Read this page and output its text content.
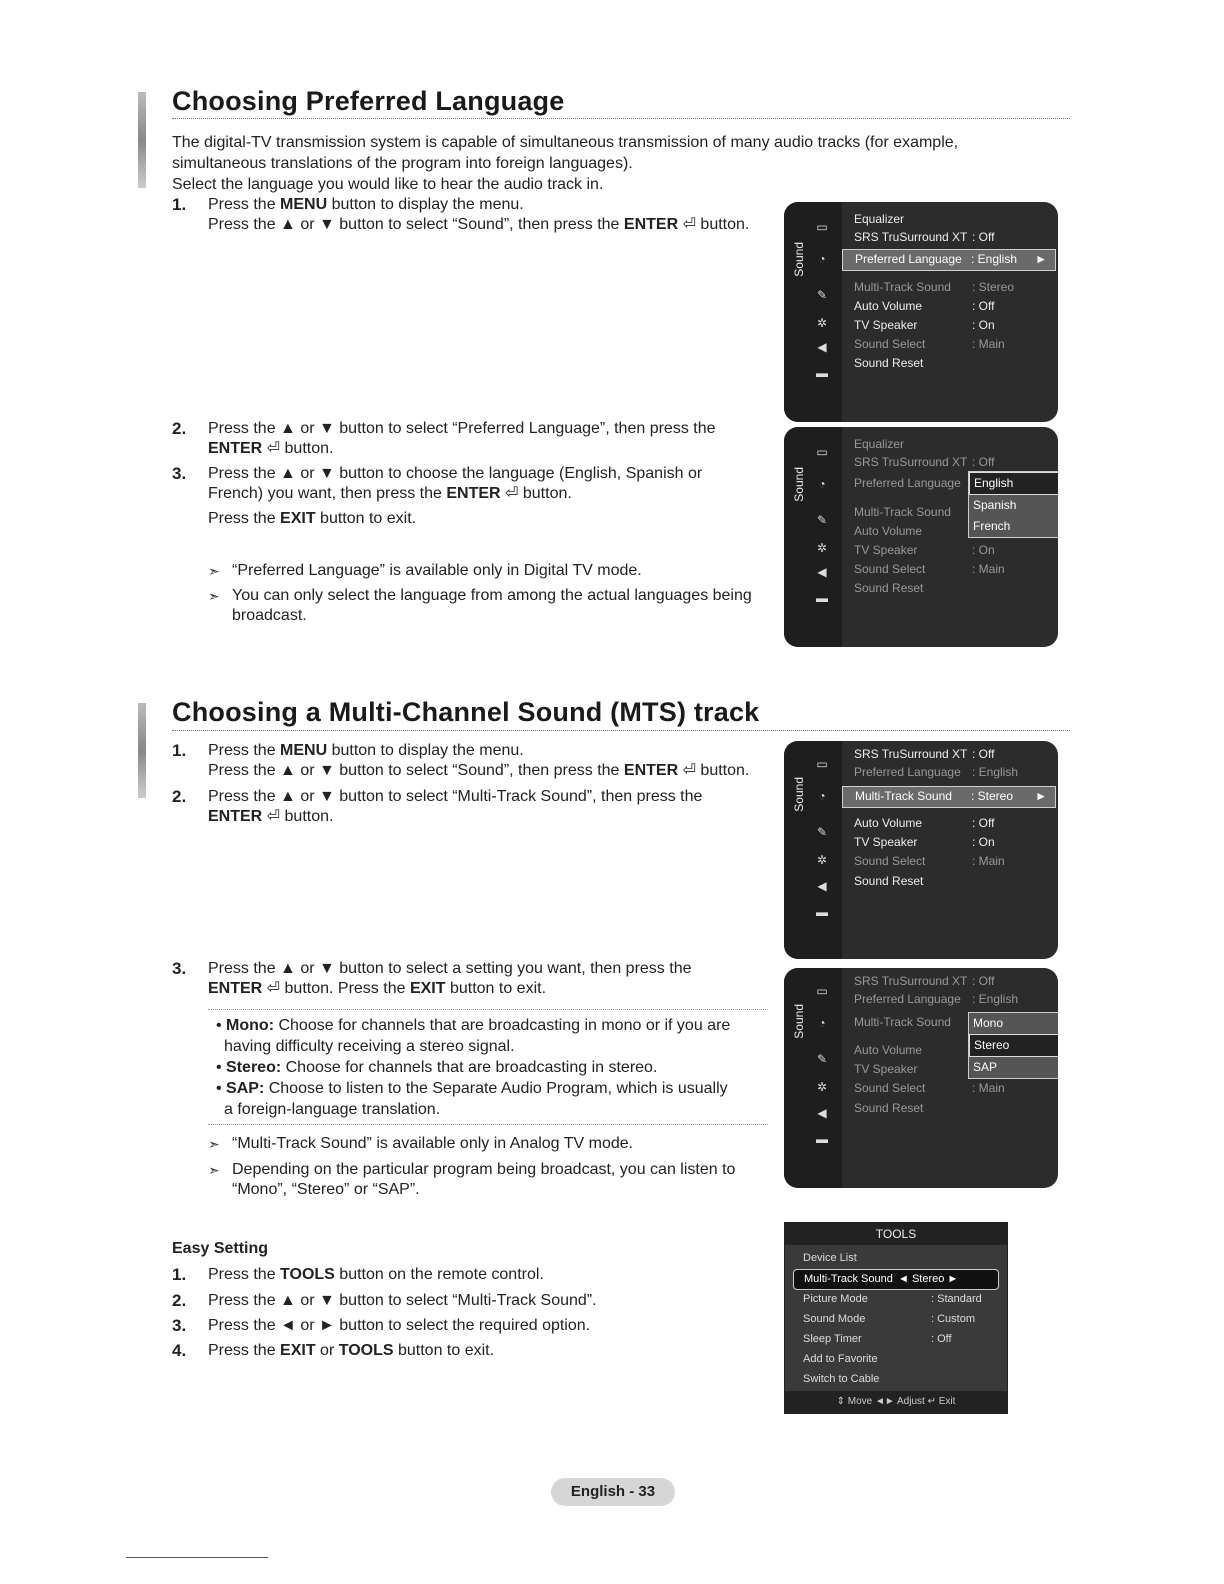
Choosing Preferred Language
The digital-TV transmission system is capable of simultaneous transmission of many audio tracks (for example,
simultaneous translations of the program into foreign languages).
Select the language you would like to hear the audio track in.
1. Press the MENU button to display the menu.
Press the ▲ or ▼ button to select “Sound”, then press the ENTER ⏎ button.
2. Press the ▲ or ▼ button to select “Preferred Language”, then press the
ENTER ⏎ button.
3. Press the ▲ or ▼ button to choose the language (English, Spanish or
French) you want, then press the ENTER ⏎ button.
Press the EXIT button to exit.
➣ “Preferred Language” is available only in Digital TV mode.
➣ You can only select the language from among the actual languages being
broadcast.
Sound
▭
◔
✎
✲
◀
▬
Equalizer
SRS TruSurround XT : Off
Preferred Language : English ►
Multi-Track Sound : Stereo
Auto Volume	: Off
TV Speaker	: On
Sound Select	: Main
Sound Reset
Sound
▭
◔
✎
✲
◀
▬
Equalizer
SRS TruSurround XT : Off
Preferred Language
Multi-Track Sound
Auto Volume
TV Speaker	: On
Sound Select	: Main
Sound Reset
English
Spanish
French
Choosing a Multi-Channel Sound (MTS) track
1. Press the MENU button to display the menu.
Press the ▲ or ▼ button to select “Sound”, then press the ENTER ⏎ button.
2. Press the ▲ or ▼ button to select “Multi-Track Sound”, then press the
ENTER ⏎ button.
3. Press the ▲ or ▼ button to select a setting you want, then press the
ENTER ⏎ button. Press the EXIT button to exit.
• Mono: Choose for channels that are broadcasting in mono or if you are
having difficulty receiving a stereo signal.
• Stereo: Choose for channels that are broadcasting in stereo.
• SAP: Choose to listen to the Separate Audio Program, which is usually
a foreign-language translation.
➣ “Multi-Track Sound” is available only in Analog TV mode.
➣ Depending on the particular program being broadcast, you can listen to
“Mono”, “Stereo” or “SAP”.
Sound
▭
◔
✎
✲
◀
▬
SRS TruSurround XT : Off
Preferred Language : English
Multi-Track Sound : Stereo ►
Auto Volume	: Off
TV Speaker	: On
Sound Select	: Main
Sound Reset
Sound
▭
◔
✎
✲
◀
▬
SRS TruSurround XT : Off
Preferred Language : English
Multi-Track Sound
Auto Volume
TV Speaker
Sound Select	: Main
Sound Reset
Mono
Stereo
SAP
Easy Setting
1. Press the TOOLS button on the remote control.
2. Press the ▲ or ▼ button to select “Multi-Track Sound”.
3. Press the ◄ or ► button to select the required option.
4. Press the EXIT or TOOLS button to exit.
TOOLS
Device List
Multi-Track Sound ◄ Stereo ►
Picture Mode	: Standard
Sound Mode	: Custom
Sleep Timer	: Off
Add to Favorite
Switch to Cable
⇕ Move ◄► Adjust ↵ Exit
English - 33
